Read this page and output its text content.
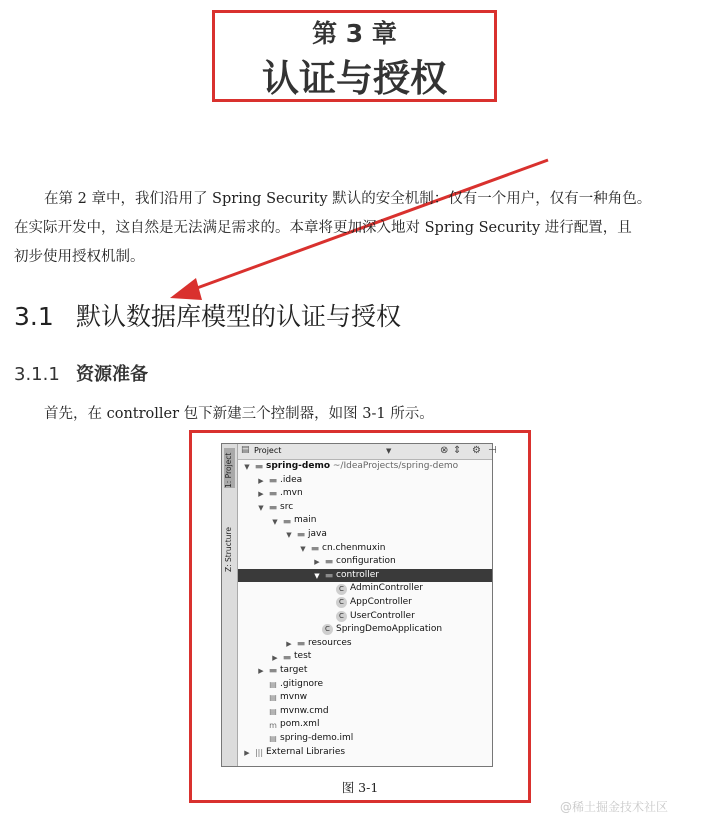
第 3 章
认证与授权
在第 2 章中，我们沿用了 Spring Security 默认的安全机制：仅有一个用户，仅有一种角色。
在实际开发中，这自然是无法满足需求的。本章将更加深入地对 Spring Security 进行配置，且
初步使用授权机制。
3.1 默认数据库模型的认证与授权
3.1.1 资源准备
首先，在 controller 包下新建三个控制器，如图 3-1 所示。
1: Project
Z: Structure
▤ Project	▼	⊗ ⇕ ⚙ ⊣
▼ ▬ spring-demo ~/IdeaProjects/spring-demo
▶ ▬ .idea
▶ ▬ .mvn
▼ ▬ src
▼ ▬ main
▼ ▬ java
▼ ▬ cn.chenmuxin
▶ ▬ configuration
▼ ▬ controller
C AdminController
C AppController
C UserController
C SpringDemoApplication
▶ ▬ resources
▶ ▬ test
▶ ▬ target
▤ .gitignore
▤ mvnw
▤ mvnw.cmd
m pom.xml
▤ spring-demo.iml
▶ ||| External Libraries
图 3-1
@稀土掘金技术社区
